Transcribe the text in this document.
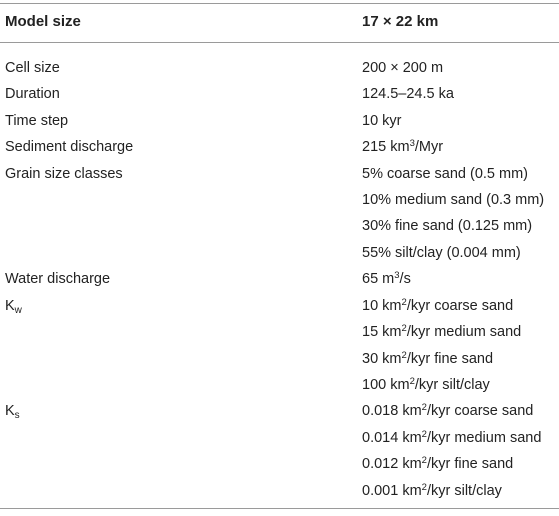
Model size	17 × 22 km
Cell size	200 × 200 m
Duration	124.5–24.5 ka
Time step	10 kyr
Sediment discharge	215 $km^3$/Myr
Grain size classes	5% coarse sand (0.5 mm)
10% medium sand (0.3 mm)
30% fine sand (0.125 mm)
55% silt/clay (0.004 mm)
Water discharge	65 $m^3/s$
$K_w$	10 $km^2$/kyr coarse sand
15 $km^2$/kyr medium sand
30 $km^2$/kyr fine sand
100 $km^2$/kyr silt/clay
$K_s$	0.018 $km^2$/kyr coarse sand
0.014 $km^2$/kyr medium sand
0.012 $km^2$/kyr fine sand
0.001 $km^2$/kyr silt/clay
